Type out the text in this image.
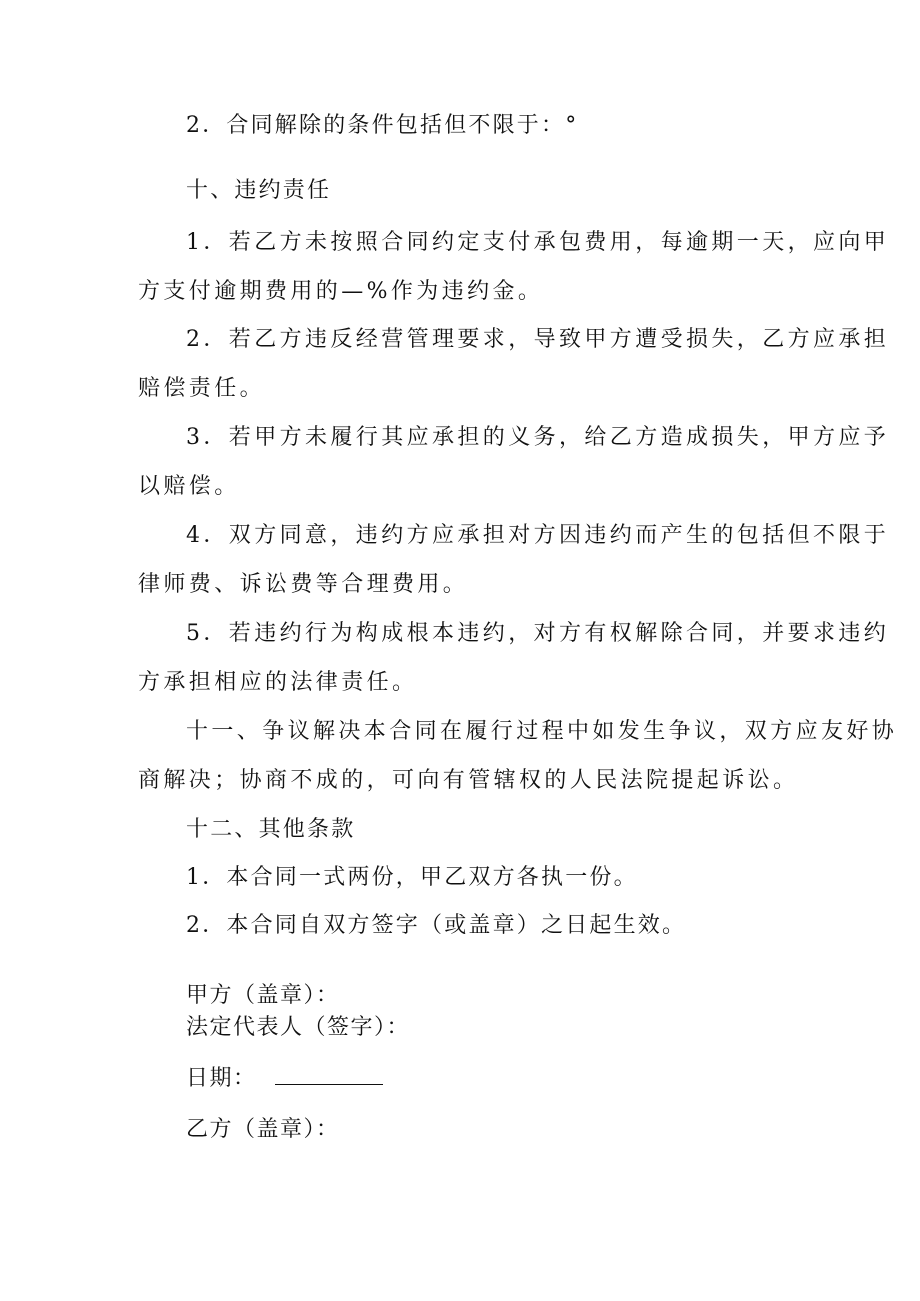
2．合同解除的条件包括但不限于：°
十、违约责任
1．若乙方未按照合同约定支付承包费用，每逾期一天，应向甲
方支付逾期费用的—%作为违约金。
2．若乙方违反经营管理要求，导致甲方遭受损失，乙方应承担
赔偿责任。
3．若甲方未履行其应承担的义务，给乙方造成损失，甲方应予
以赔偿。
4．双方同意，违约方应承担对方因违约而产生的包括但不限于
律师费、诉讼费等合理费用。
5．若违约行为构成根本违约，对方有权解除合同，并要求违约
方承担相应的法律责任。
十一、争议解决本合同在履行过程中如发生争议，双方应友好协
商解决；协商不成的，可向有管辖权的人民法院提起诉讼。
十二、其他条款
1．本合同一式两份，甲乙双方各执一份。
2．本合同自双方签字（或盖章）之日起生效。
甲方（盖章）：
法定代表人（签字）：
日期：
乙方（盖章）：
